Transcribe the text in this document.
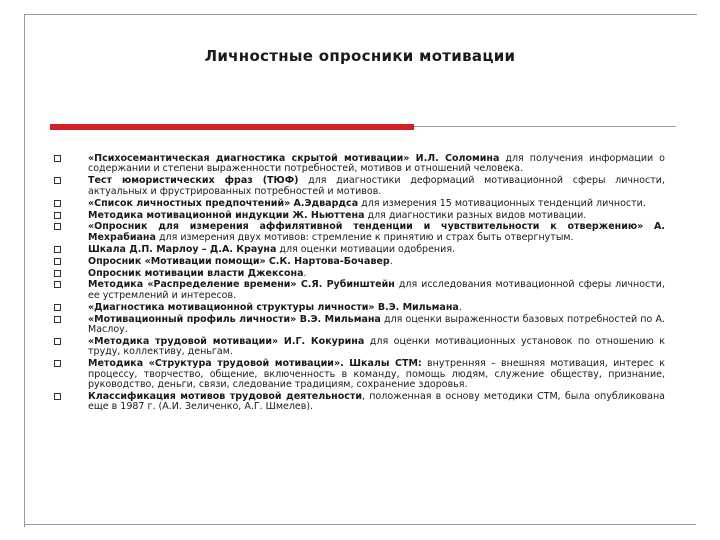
Личностные опросники мотивации
«Психосемантическая диагностика скрытой мотивации» И.Л. Соломина для получения информации о содержании и степени выраженности потребностей, мотивов и отношений человека.
Тест юмористических фраз (ТЮФ) для диагностики деформаций мотивационной сферы личности, актуальных и фрустрированных потребностей и мотивов.
«Список личностных предпочтений» А.Эдвардса для измерения 15 мотивационных тенденций личности.
Методика мотивационной индукции Ж. Ньюттена для диагностики разных видов мотивации.
«Опросник для измерения аффилятивной тенденции и чувствительности к отвержению» А. Мехрабиана для измерения двух мотивов: стремление к принятию и страх быть отвергнутым.
Шкала Д.П. Марлоу – Д.А. Крауна для оценки мотивации одобрения.
Опросник «Мотивации помощи» С.К. Нартова-Бочавер.
Опросник мотивации власти Джексона.
Методика «Распределение времени» С.Я. Рубинштейн для исследования мотивационной сферы личности, ее устремлений и интересов.
«Диагностика мотивационной структуры личности» В.Э. Мильмана.
«Мотивационный профиль личности» В.Э. Мильмана для оценки выраженности базовых потребностей по А. Маслоу.
«Методика трудовой мотивации» И.Г. Кокурина для оценки мотивационных установок по отношению к труду, коллективу, деньгам.
Методика «Структура трудовой мотивации». Шкалы СТМ: внутренняя – внешняя мотивация, интерес к процессу, творчество, общение, включенность в команду, помощь людям, служение обществу, признание, руководство, деньги, связи, следование традициям, сохранение здоровья.
Классификация мотивов трудовой деятельности, положенная в основу методики СТМ, была опубликована еще в 1987 г. (А.И. Зеличенко, А.Г. Шмелев).
